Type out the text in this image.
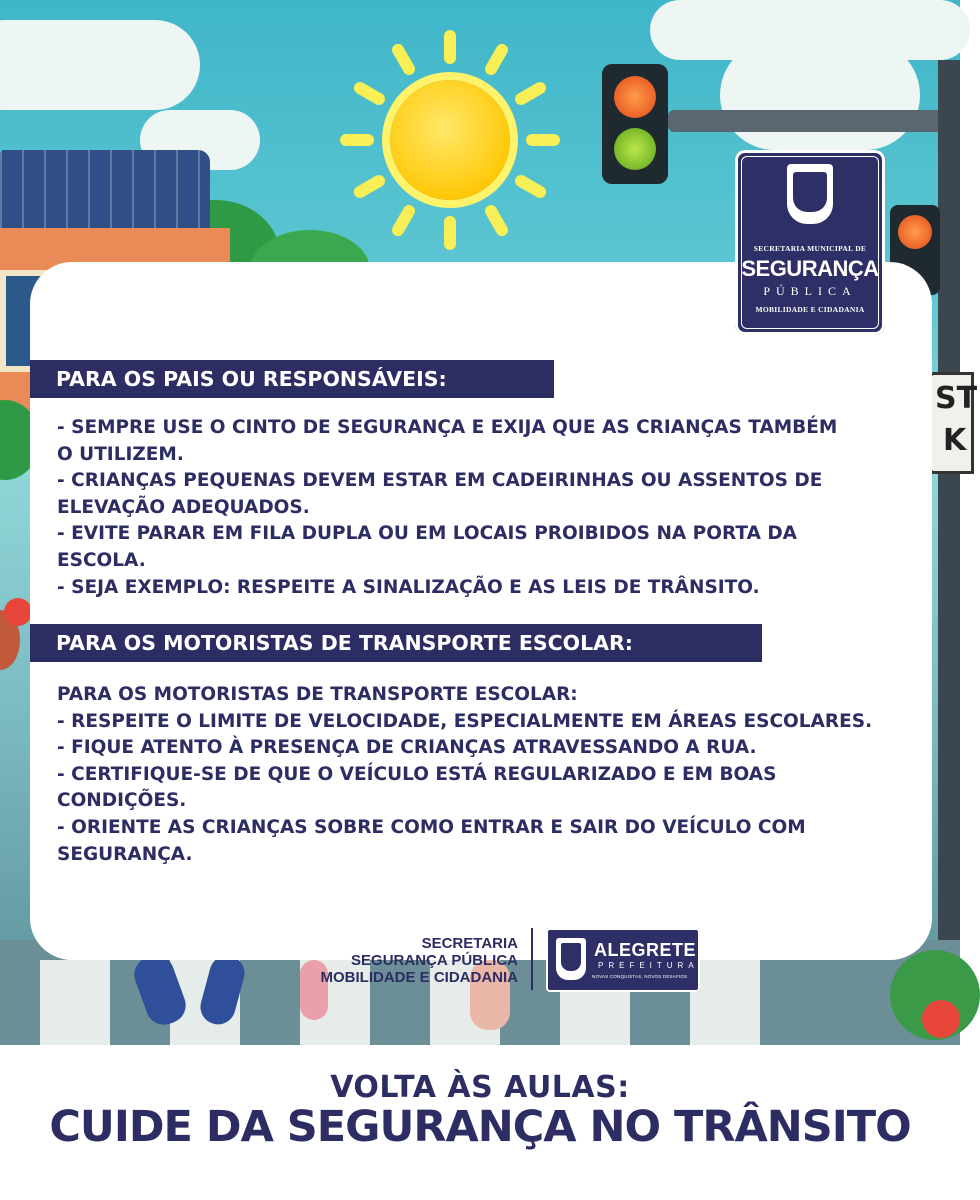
ST
K
SECRETARIA MUNICIPAL DE
SEGURANÇA
PÚBLICA
MOBILIDADE E CIDADANIA
PARA OS PAIS OU RESPONSÁVEIS:

- SEMPRE USE O CINTO DE SEGURANÇA E EXIJA QUE AS CRIANÇAS TAMBÉM

O UTILIZEM.

- CRIANÇAS PEQUENAS DEVEM ESTAR EM CADEIRINHAS OU ASSENTOS DE

ELEVAÇÃO ADEQUADOS.

- EVITE PARAR EM FILA DUPLA OU EM LOCAIS PROIBIDOS NA PORTA DA

ESCOLA.

- SEJA EXEMPLO: RESPEITE A SINALIZAÇÃO E AS LEIS DE TRÂNSITO.

PARA OS MOTORISTAS DE TRANSPORTE ESCOLAR:

PARA OS MOTORISTAS DE TRANSPORTE ESCOLAR:

- RESPEITE O LIMITE DE VELOCIDADE, ESPECIALMENTE EM ÁREAS ESCOLARES.

- FIQUE ATENTO À PRESENÇA DE CRIANÇAS ATRAVESSANDO A RUA.

- CERTIFIQUE-SE DE QUE O VEÍCULO ESTÁ REGULARIZADO E EM BOAS

CONDIÇÕES.

- ORIENTE AS CRIANÇAS SOBRE COMO ENTRAR E SAIR DO VEÍCULO COM

SEGURANÇA.

SECRETARIA
SEGURANÇA PÚBLICA
MOBILIDADE E CIDADANIA
ALEGRETE
PREFEITURA
NOVAS CONQUISTAS, NOVOS DESAFIOS
VOLTA ÀS AULAS:
CUIDE DA SEGURANÇA NO TRÂNSITO
